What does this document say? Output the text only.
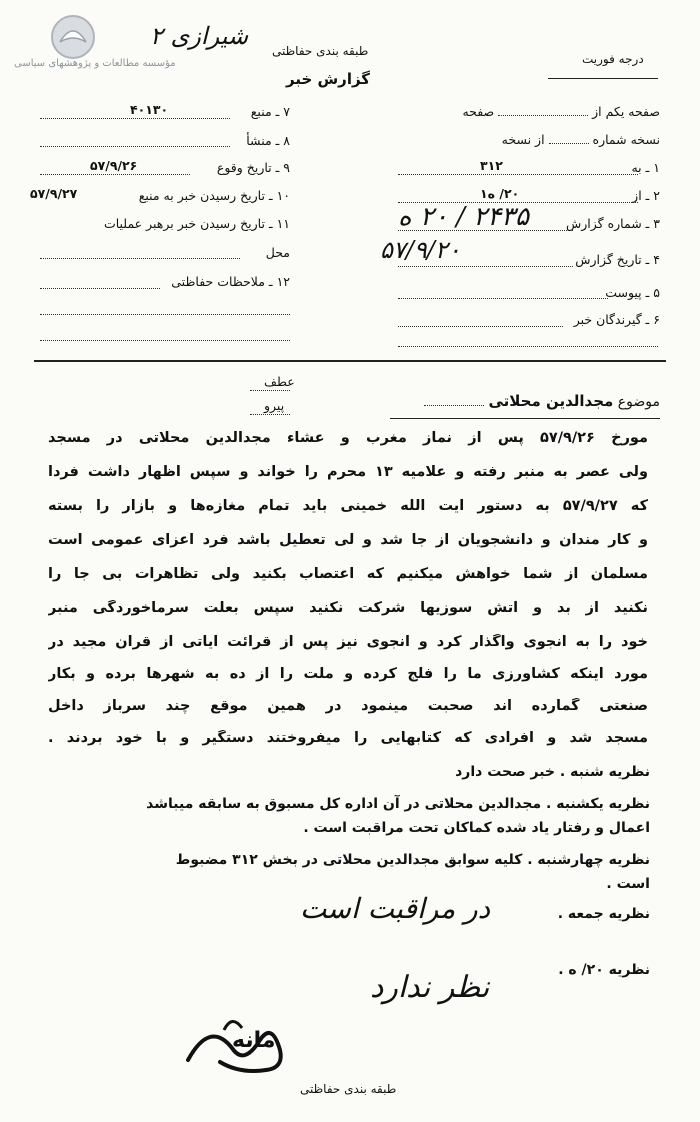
مؤسسه مطالعات و پژوهشهای سیاسی
شیرازی ۲
درجه فوریت
طبقه بندی حفاظتی
گزارش خبر
صفحه یکم از  صفحه
نسخه شماره  از نسخه
۱ ـ به
۳۱۲
۲ ـ از
۲۰/ ه۱
۳ ـ شماره گزارش
۲۴۳۵ / ۲۰ ه
۴ ـ تاریخ گزارش
۵۷/۹/۲۰
۵ ـ پیوست
۶ ـ گیرندگان خبر
۷ ـ منبع
۴۰۱۳۰
۸ ـ منشأ
۹ ـ تاریخ وقوع
۵۷/۹/۲۶
۱۰ ـ تاریخ رسیدن خبر به منبع
۵۷/۹/۲۷
۱۱ ـ تاریخ رسیدن خبر برهبر عملیات
محل
۱۲ ـ ملاحظات حفاظتی
عطف
پیرو	موضوع مجدالدین محلاتی
مورخ ۵۷/۹/۲۶ پس از نماز مغرب و عشاء مجدالدین محلاتی در مسجد
ولی عصر به منبر رفته و علامیه ۱۳ محرم را خواند و سپس اظهار داشت فردا
که ۵۷/۹/۲۷ به دستور آیت الله خمینی باید تمام مغازه‌ها و بازار را بسته
و کار مندان و دانشجویان از جا شد و لی تعطیل باشد فرد اعزای عمومی است
مسلمان از شما خواهش میکنیم که اعتصاب بکنید ولی تظاهرات بی جا را
نکنید از بد و آتش سوزیها شرکت نکنید سپس بعلت سرماخوردگی منبر
خود را به انجوی واگذار کرد و انجوی نیز پس از قرائت آیاتی از قرآن مجید در
مورد اینکه کشاورزی ما را فلج کرده و ملت را از ده به شهرها برده و بکار
صنعتی گمارده اند صحبت مینمود در همین موقع چند سرباز داخل
مسجد شد و افرادی که کتابهایی را میفروختند دستگیر و با خود بردند .
نظریه شنبه . خبر صحت دارد
نظریه یکشنبه . مجدالدین محلاتی در آن اداره کل مسبوق به سابقه میباشد
اعمال و رفتار یاد شده کماکان تحت مراقبت است .
نظریه چهارشنبه . کلیه سوابق مجدالدین محلاتی در بخش ۳۱۲ مضبوط
است .
نظریه جمعه .
در مراقبت است
نظریه ۲۰/ ه .
نظر ندارد
مانه
طبقه بندی حفاظتی
